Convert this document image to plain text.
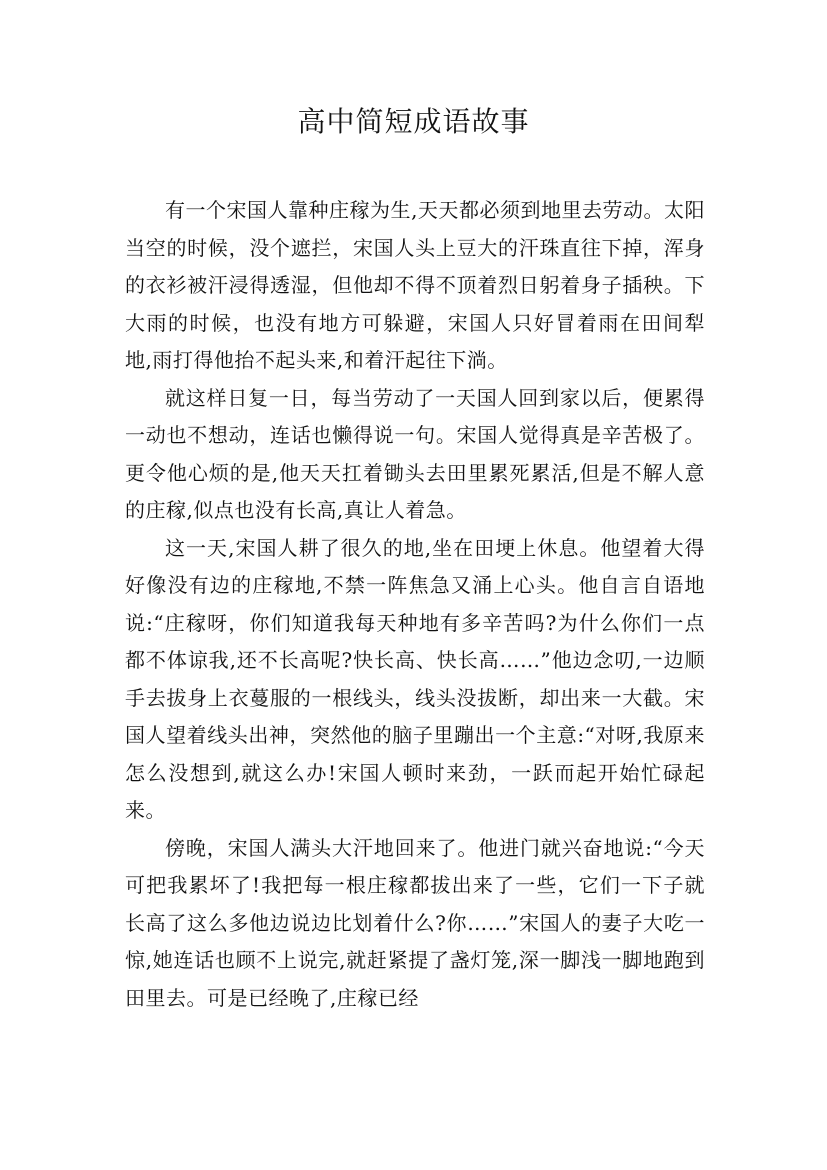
高中简短成语故事

有一个宋国人靠种庄稼为生,天天都必须到地里去劳动。太阳当空的时候，没个遮拦，宋国人头上豆大的汗珠直往下掉，浑身的衣衫被汗浸得透湿，但他却不得不顶着烈日躬着身子插秧。下大雨的时候，也没有地方可躲避，宋国人只好冒着雨在田间犁地,雨打得他抬不起头来,和着汗起往下淌。

就这样日复一日，每当劳动了一天国人回到家以后，便累得一动也不想动，连话也懒得说一句。宋国人觉得真是辛苦极了。更令他心烦的是,他天天扛着锄头去田里累死累活,但是不解人意的庄稼,似点也没有长高,真让人着急。

这一天,宋国人耕了很久的地,坐在田埂上休息。他望着大得好像没有边的庄稼地,不禁一阵焦急又涌上心头。他自言自语地说:“庄稼呀，你们知道我每天种地有多辛苦吗?为什么你们一点都不体谅我,还不长高呢?快长高、快长高……”他边念叨,一边顺手去拔身上衣蔓服的一根线头，线头没拔断，却出来一大截。宋国人望着线头出神，突然他的脑子里蹦出一个主意:“对呀,我原来怎么没想到,就这么办!宋国人顿时来劲，一跃而起开始忙碌起来。

傍晚，宋国人满头大汗地回来了。他进门就兴奋地说:“今天可把我累坏了!我把每一根庄稼都拔出来了一些，它们一下子就长高了这么多他边说边比划着什么?你……”宋国人的妻子大吃一惊,她连话也顾不上说完,就赶紧提了盏灯笼,深一脚浅一脚地跑到田里去。可是已经晚了,庄稼已经
